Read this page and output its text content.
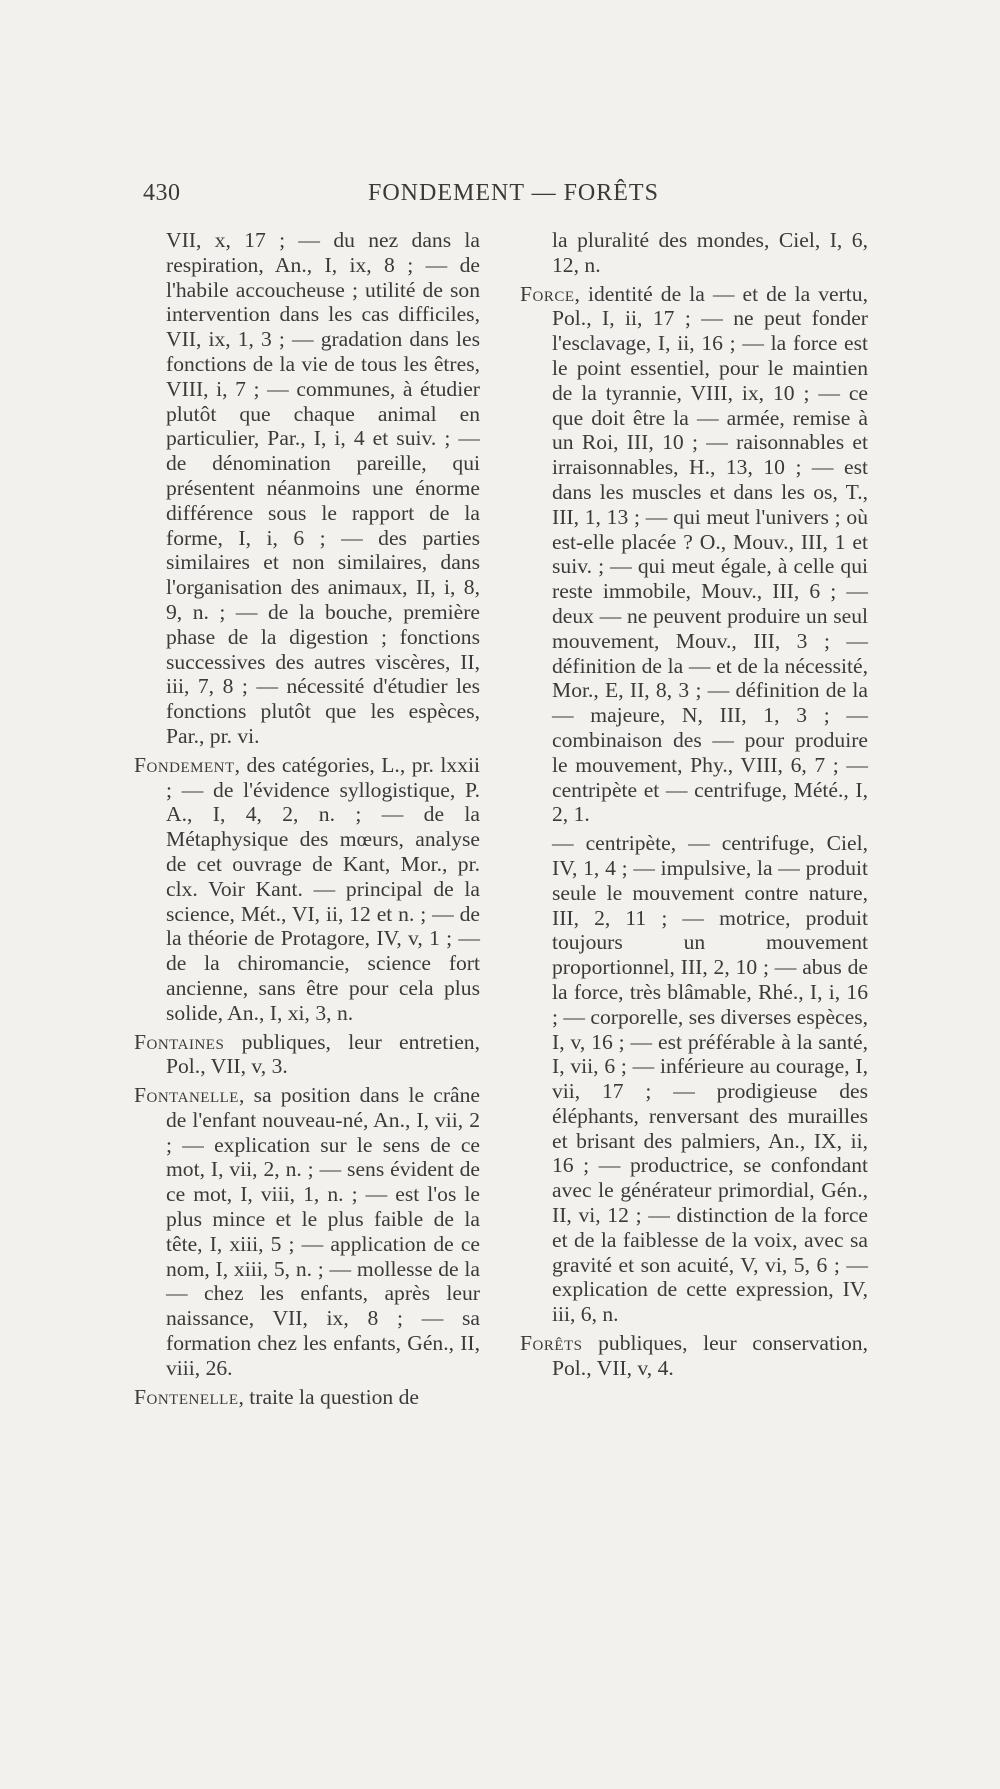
430	FONDEMENT — FORÊTS

VII, x, 17 ; — du nez dans la respiration, An., I, ix, 8 ; — de l'habile accoucheuse ; utilité de son intervention dans les cas difficiles, VII, ix, 1, 3 ; — gradation dans les fonctions de la vie de tous les êtres, VIII, i, 7 ; — communes, à étudier plutôt que chaque animal en particulier, Par., I, i, 4 et suiv. ; — de dénomination pareille, qui présentent néanmoins une énorme différence sous le rapport de la forme, I, i, 6 ; — des parties similaires et non similaires, dans l'organisation des animaux, II, i, 8, 9, n. ; — de la bouche, première phase de la digestion ; fonctions successives des autres viscères, II, iii, 7, 8 ; — nécessité d'étudier les fonctions plutôt que les espèces, Par., pr. vi.

Fondement, des catégories, L., pr. lxxii ; — de l'évidence syllogistique, P. A., I, 4, 2, n. ; — de la Métaphysique des mœurs, analyse de cet ouvrage de Kant, Mor., pr. clx. Voir Kant. — principal de la science, Mét., VI, ii, 12 et n. ; — de la théorie de Protagore, IV, v, 1 ; — de la chiromancie, science fort ancienne, sans être pour cela plus solide, An., I, xi, 3, n.

Fontaines publiques, leur entretien, Pol., VII, v, 3.

Fontanelle, sa position dans le crâne de l'enfant nouveau-né, An., I, vii, 2 ; — explication sur le sens de ce mot, I, vii, 2, n. ; — sens évident de ce mot, I, viii, 1, n. ; — est l'os le plus mince et le plus faible de la tête, I, xiii, 5 ; — application de ce nom, I, xiii, 5, n. ; — mollesse de la — chez les enfants, après leur naissance, VII, ix, 8 ; — sa formation chez les enfants, Gén., II, viii, 26.

Fontenelle, traite la question de

la pluralité des mondes, Ciel, I, 6, 12, n.

Force, identité de la — et de la vertu, Pol., I, ii, 17 ; — ne peut fonder l'esclavage, I, ii, 16 ; — la force est le point essentiel, pour le maintien de la tyrannie, VIII, ix, 10 ; — ce que doit être la — armée, remise à un Roi, III, 10 ; — raisonnables et irraisonnables, H., 13, 10 ; — est dans les muscles et dans les os, T., III, 1, 13 ; — qui meut l'univers ; où est-elle placée ? O., Mouv., III, 1 et suiv. ; — qui meut égale, à celle qui reste immobile, Mouv., III, 6 ; — deux — ne peuvent produire un seul mouvement, Mouv., III, 3 ; — définition de la — et de la nécessité, Mor., E, II, 8, 3 ; — définition de la — majeure, N, III, 1, 3 ; — combinaison des — pour produire le mouvement, Phy., VIII, 6, 7 ; — centripète et — centrifuge, Mété., I, 2, 1.

— centripète, — centrifuge, Ciel, IV, 1, 4 ; — impulsive, la — produit seule le mouvement contre nature, III, 2, 11 ; — motrice, produit toujours un mouvement proportionnel, III, 2, 10 ; — abus de la force, très blâmable, Rhé., I, i, 16 ; — corporelle, ses diverses espèces, I, v, 16 ; — est préférable à la santé, I, vii, 6 ; — inférieure au courage, I, vii, 17 ; — prodigieuse des éléphants, renversant des murailles et brisant des palmiers, An., IX, ii, 16 ; — productrice, se confondant avec le générateur primordial, Gén., II, vi, 12 ; — distinction de la force et de la faiblesse de la voix, avec sa gravité et son acuité, V, vi, 5, 6 ; — explication de cette expression, IV, iii, 6, n.

Forêts publiques, leur conservation, Pol., VII, v, 4.
